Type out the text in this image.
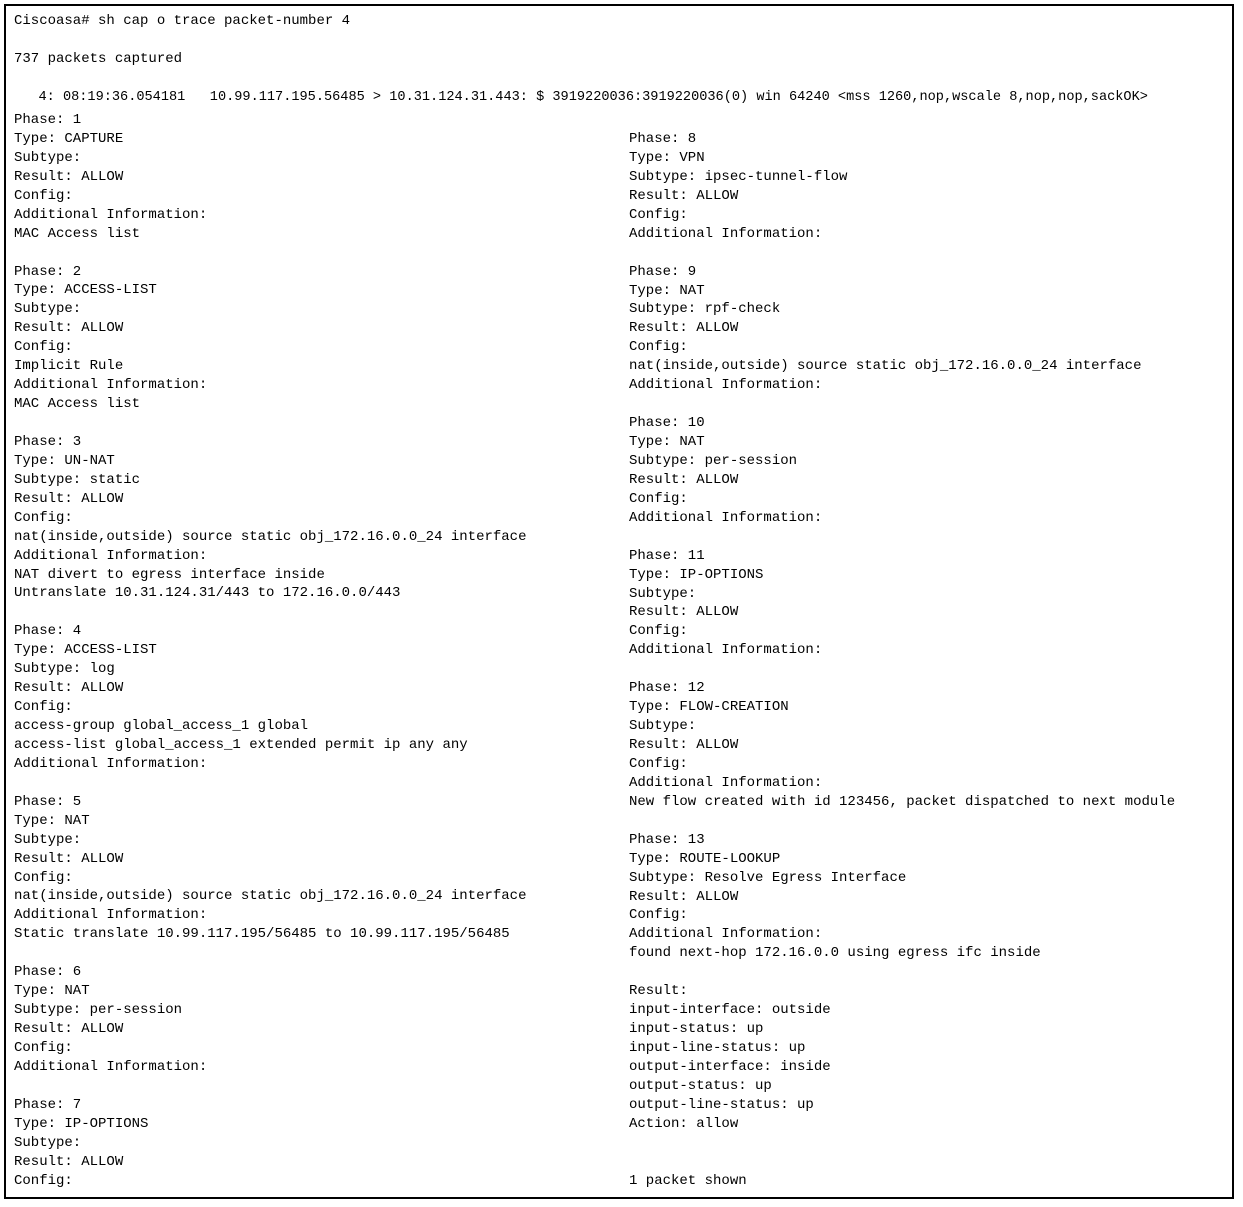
Ciscoasa# sh cap o trace packet-number 4
737 packets captured
4: 08:19:36.054181   10.99.117.195.56485 > 10.31.124.31.443: $ 3919220036:3919220036(0) win 64240 <mss 1260,nop,wscale 8,nop,nop,sackOK>
Phase: 1
Type: CAPTURE
Subtype:
Result: ALLOW
Config:
Additional Information:
MAC Access list
Phase: 2
Type: ACCESS-LIST
Subtype:
Result: ALLOW
Config:
Implicit Rule
Additional Information:
MAC Access list
Phase: 3
Type: UN-NAT
Subtype: static
Result: ALLOW
Config:
nat(inside,outside) source static obj_172.16.0.0_24 interface
Additional Information:
NAT divert to egress interface inside
Untranslate 10.31.124.31/443 to 172.16.0.0/443
Phase: 4
Type: ACCESS-LIST
Subtype: log
Result: ALLOW
Config:
access-group global_access_1 global
access-list global_access_1 extended permit ip any any
Additional Information:
Phase: 5
Type: NAT
Subtype:
Result: ALLOW
Config:
nat(inside,outside) source static obj_172.16.0.0_24 interface
Additional Information:
Static translate 10.99.117.195/56485 to 10.99.117.195/56485
Phase: 6
Type: NAT
Subtype: per-session
Result: ALLOW
Config:
Additional Information:
Phase: 7
Type: IP-OPTIONS
Subtype:
Result: ALLOW
Config:
Phase: 8
Type: VPN
Subtype: ipsec-tunnel-flow
Result: ALLOW
Config:
Additional Information:
Phase: 9
Type: NAT
Subtype: rpf-check
Result: ALLOW
Config:
nat(inside,outside) source static obj_172.16.0.0_24 interface
Additional Information:
Phase: 10
Type: NAT
Subtype: per-session
Result: ALLOW
Config:
Additional Information:
Phase: 11
Type: IP-OPTIONS
Subtype:
Result: ALLOW
Config:
Additional Information:
Phase: 12
Type: FLOW-CREATION
Subtype:
Result: ALLOW
Config:
Additional Information:
New flow created with id 123456, packet dispatched to next module
Phase: 13
Type: ROUTE-LOOKUP
Subtype: Resolve Egress Interface
Result: ALLOW
Config:
Additional Information:
found next-hop 172.16.0.0 using egress ifc inside
Result:
input-interface: outside
input-status: up
input-line-status: up
output-interface: inside
output-status: up
output-line-status: up
Action: allow
1 packet shown
